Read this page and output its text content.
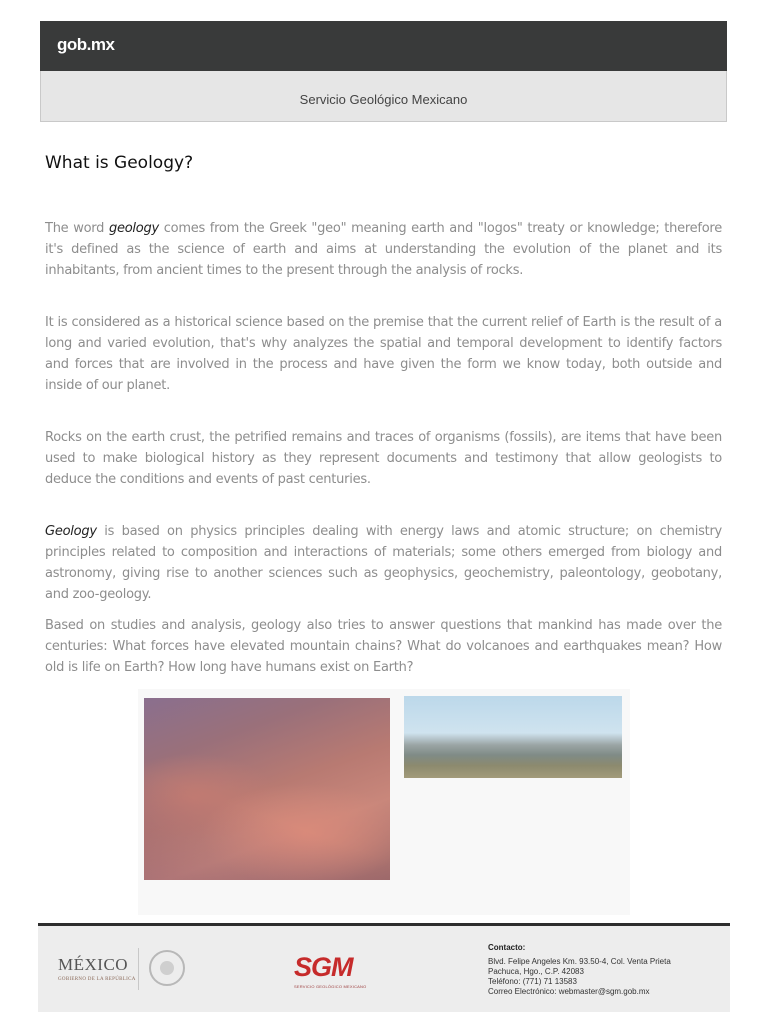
gob.mx
Servicio Geológico Mexicano
What is Geology?

The word geology comes from the Greek "geo" meaning earth and "logos" treaty or knowledge; therefore it's defined as the science of earth and aims at understanding the evolution of the planet and its inhabitants, from ancient times to the present through the analysis of rocks.

It is considered as a historical science based on the premise that the current relief of Earth is the result of a long and varied evolution, that's why analyzes the spatial and temporal development to identify factors and forces that are involved in the process and have given the form we know today, both outside and inside of our planet.

Rocks on the earth crust, the petrified remains and traces of organisms (fossils), are items that have been used to make biological history as they represent documents and testimony that allow geologists to deduce the conditions and events of past centuries.

Geology is based on physics principles dealing with energy laws and atomic structure; on chemistry principles related to composition and interactions of materials; some others emerged from biology and astronomy, giving rise to another sciences such as geophysics, geochemistry, paleontology, geobotany, and zoo-geology.

Based on studies and analysis, geology also tries to answer questions that mankind has made over the centuries: What forces have elevated mountain chains? What do volcanoes and earthquakes mean? How old is life on Earth? How long have humans exist on Earth?

MÉXICO
GOBIERNO DE LA REPÚBLICA	SGM
SERVICIO GEOLÓGICO MEXICANO
Contacto:
Blvd. Felipe Angeles Km. 93.50-4, Col. Venta Prieta
Pachuca, Hgo., C.P. 42083
Teléfono: (771) 71 13583
Correo Electrónico: webmaster@sgm.gob.mx
